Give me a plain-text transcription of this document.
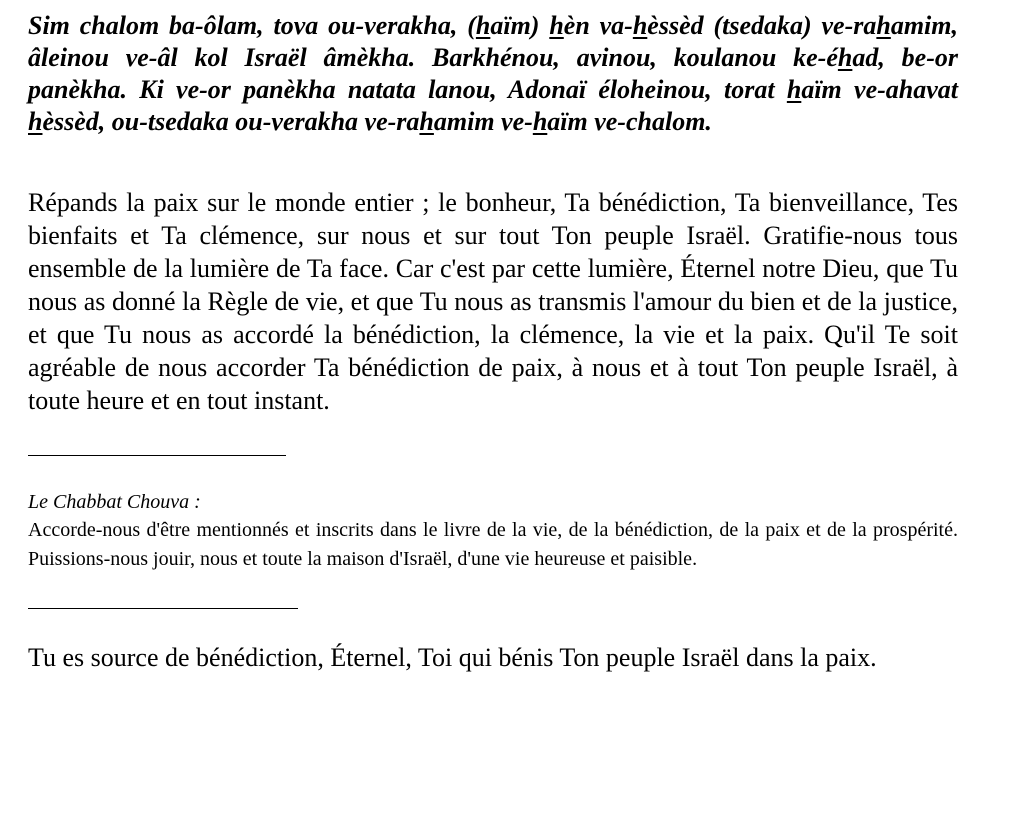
Sim chalom ba-ôlam, tova ou-verakha, (haïm) hèn va-hèssèd (tsedaka) ve-rahamim, âleinou ve-âl kol Israël âmèkha. Barkhénou, avinou, koulanou ke-éhad, be-or panèkha. Ki ve-or panèkha natata lanou, Adonaï éloheinou, torat haïm ve-ahavat hèssèd, ou-tsedaka ou-verakha ve-rahamim ve-haïm ve-chalom.

Répands la paix sur le monde entier ; le bonheur, Ta bénédiction, Ta bienveillance, Tes bienfaits et Ta clémence, sur nous et sur tout Ton peuple Israël. Gratifie-nous tous ensemble de la lumière de Ta face. Car c'est par cette lumière, Éternel notre Dieu, que Tu nous as donné la Règle de vie, et que Tu nous as transmis l'amour du bien et de la justice, et que Tu nous as accordé la bénédiction, la clémence, la vie et la paix. Qu'il Te soit agréable de nous accorder Ta bénédiction de paix, à nous et à tout Ton peuple Israël, à toute heure et en tout instant.

Le Chabbat Chouva :

Accorde-nous d'être mentionnés et inscrits dans le livre de la vie, de la bénédiction, de la paix et de la prospérité. Puissions-nous jouir, nous et toute la maison d'Israël, d'une vie heureuse et paisible.

Tu es source de bénédiction, Éternel, Toi qui bénis Ton peuple Israël dans la paix.
